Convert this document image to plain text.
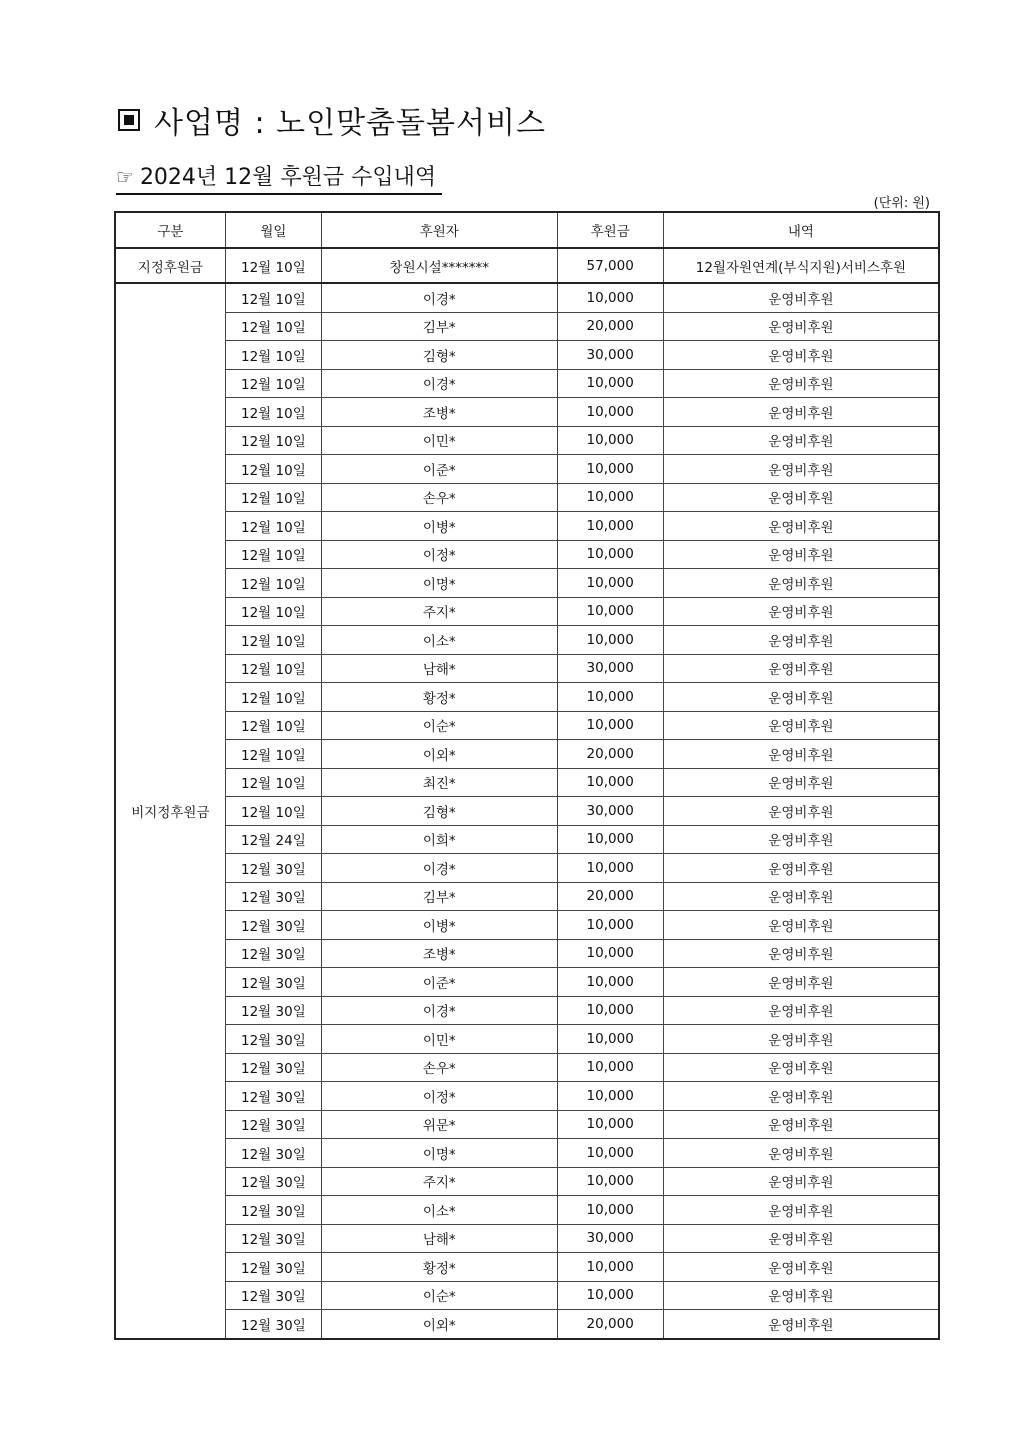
사업명 : 노인맞춤돌봄서비스
☞ 2024년 12월 후원금 수입내역
(단위: 원)
구분	월일	후원자	후원금	내역
지정후원금	12월 10일	창원시설*******	57,000	12월자원연계(부식지원)서비스후원
비지정후원금	12월 10일	이경*	10,000	운영비후원
	12월 10일	김부*	20,000	운영비후원
	12월 10일	김형*	30,000	운영비후원
	12월 10일	이경*	10,000	운영비후원
	12월 10일	조병*	10,000	운영비후원
	12월 10일	이민*	10,000	운영비후원
	12월 10일	이준*	10,000	운영비후원
	12월 10일	손우*	10,000	운영비후원
	12월 10일	이병*	10,000	운영비후원
	12월 10일	이정*	10,000	운영비후원
	12월 10일	이명*	10,000	운영비후원
	12월 10일	주지*	10,000	운영비후원
	12월 10일	이소*	10,000	운영비후원
	12월 10일	남해*	30,000	운영비후원
	12월 10일	황정*	10,000	운영비후원
	12월 10일	이순*	10,000	운영비후원
	12월 10일	이외*	20,000	운영비후원
	12월 10일	최진*	10,000	운영비후원
	12월 10일	김형*	30,000	운영비후원
	12월 24일	이희*	10,000	운영비후원
	12월 30일	이경*	10,000	운영비후원
	12월 30일	김부*	20,000	운영비후원
	12월 30일	이병*	10,000	운영비후원
	12월 30일	조병*	10,000	운영비후원
	12월 30일	이준*	10,000	운영비후원
	12월 30일	이경*	10,000	운영비후원
	12월 30일	이민*	10,000	운영비후원
	12월 30일	손우*	10,000	운영비후원
	12월 30일	이정*	10,000	운영비후원
	12월 30일	위문*	10,000	운영비후원
	12월 30일	이명*	10,000	운영비후원
	12월 30일	주지*	10,000	운영비후원
	12월 30일	이소*	10,000	운영비후원
	12월 30일	남해*	30,000	운영비후원
	12월 30일	황정*	10,000	운영비후원
	12월 30일	이순*	10,000	운영비후원
	12월 30일	이외*	20,000	운영비후원
